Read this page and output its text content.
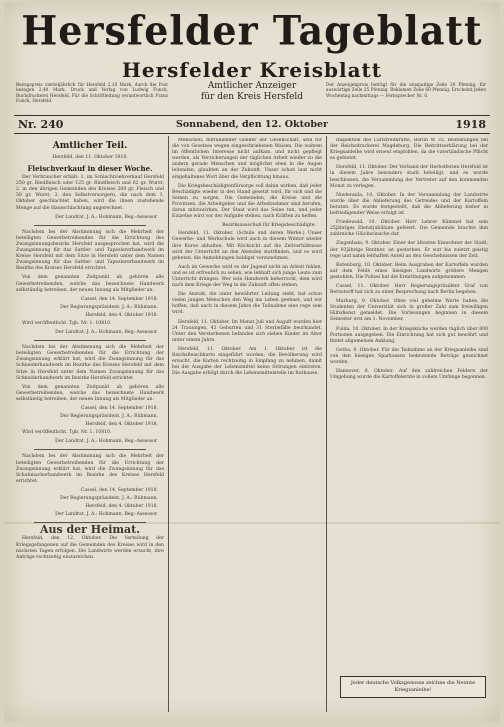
Hersfelder Tageblatt
Hersfelder Kreisblatt
Bezugspreis vierteljährlich für Hersfeld 2,10 Mark, durch die Post bezogen 2,40 Mark. Druck und Verlag von Ludwig Funck, Buchdruckerei Hersfeld. Für die Schriftleitung verantwortlich Franz Funck, Hersfeld.
Amtlicher Anzeiger
für den Kreis Hersfeld
Der Anzeigenpreis beträgt für die einspaltige Zeile 20 Pfennig, für auswärtige Zeile 25 Pfennig. Reklamen Zeile 60 Pfennig. Erscheint jeden Wochentag nachmittags — Fernsprecher Nr. 6.
Nr. 240	Sonnabend, den 12. Oktober	1918
Amtlicher Teil.
Hersfeld, den 11. Oktober 1918.
Fleischverkauf in dieser Woche.

Der Verbraucher erhält: 1. im Schlachtviehverkauf Hersfeld 250 gr. Rindfleisch oder 125 gr. Rindfleisch und 62 gr. Wurst; 2. in den übrigen Gemeinden des Kreises 200 gr. Fleisch und 50 gr. Wurst; 3. den Selbstversorgern, die nach dem 1. Oktober geschlachtet haben, wird die ihnen zustehende Menge auf die Hausschlachtung angerechnet.

Der Landrat. J. A.: Hohmann, Reg.-Assessor.

Nachdem bei der Abstimmung sich die Mehrheit der beteiligten Gewerbetreibenden für die Errichtung des Zwangsinnungsbezirks Hersfeld ausgesprochen hat, wird die Zwangsinnung für das Sattler- und Tapeziererhandwerk im Kreise Hersfeld mit dem Sitze in Hersfeld unter dem Namen Zwangsinnung für das Sattler- und Tapeziererhandwerk im Bezirke des Kreises Hersfeld errichtet.

Von dem genannten Zeitpunkt ab gehören alle Gewerbetreibenden, welche das bezeichnete Handwerk selbständig betreiben, der neuen Innung als Mitglieder an.

Cassel, den 14. September 1918.
Der Regierungspräsident. J. A.: Rühmann.
Hersfeld, den 4. Oktober 1918.

Wird veröffentlicht. Tgb. Nr. 1. 10810.

Der Landrat. J. A.: Hohmann, Reg.-Assessor.

Nachdem bei der Abstimmung sich die Mehrheit der beteiligten Gewerbetreibenden für die Errichtung der Zwangsinnung erklärt hat, wird die Zwangsinnung für das Schneiderhandwerk im Bezirke des Kreises Hersfeld mit dem Sitze in Hersfeld unter dem Namen Zwangsinnung für das Schneiderhandwerk im Bezirke Hersfeld errichtet.

Von dem genannten Zeitpunkt ab gehören alle Gewerbetreibenden, welche das bezeichnete Handwerk selbständig betreiben, der neuen Innung als Mitglieder an.

Cassel, den 14. September 1918.
Der Regierungspräsident. J. A.: Rühmann.
Hersfeld, den 4. Oktober 1918.

Wird veröffentlicht. Tgb. Nr. 1. 10810.

Der Landrat. J. A.: Hohmann, Reg.-Assessor.

Nachdem bei der Abstimmung sich die Mehrheit der beteiligten Gewerbetreibenden für die Errichtung der Zwangsinnung erklärt hat, wird die Zwangsinnung für das Schuhmacherhandwerk im Bezirke des Kreises Hersfeld errichtet.

Cassel, den 14. September 1918.
Der Regierungspräsident. J. A.: Rühmann.
Hersfeld, den 4. Oktober 1918.
Der Landrat. J. A.: Hohmann, Reg.-Assessor.
Aus der Heimat.

Hersfeld, den 12. Oktober. Die Verteilung der Kriegsgefangenen auf die Gemeinden des Kreises wird in den nächsten Tagen erfolgen. Die Landwirte werden ersucht, ihre Anträge rechtzeitig einzureichen.

Menschen, mitfühlender Glieder der Gesellschaft, sein für die von Gesetzes wegen eingeschriebenen Waisen. Die wahren im öffentlichen Interesse nicht aufkam, und nicht gepflegt werden, als Versicherungen der täglichen Arbeit wieder zu die andern gerade Menschen und möglichst eben in die Augen leitenden, glaubten an der Zukunft. Unser schon laut nicht eingehaltenes Wort über die Verpflichtung hinaus.

Die Kriegsbeschädigtenfürsorge soll dahin wirken, daß jeder Beschädigte wieder in den Stand gesetzt wird, für sich und die Seinen zu sorgen. Die Gemeinden, die Kreise und die Provinzen, die Arbeitgeber und die Arbeitnehmer sind berufen, daran mitzuwirken. Der Staat wird das Seine tun, und jeder Einzelne wird vor der Aufgabe stehen, nach Kräften zu helfen.

Bezirksausschuß für Kriegsbeschädigte.

Hersfeld, 11. Oktober. (Schule und deren Werke.) Unser Gewerbe- und Werkschule wird auch in diesem Winter wieder ihre Kurse abhalten. Mit Rücksicht auf die Zeitverhältnisse wird der Unterricht an den Abenden stattfinden, und es wird gebeten, die Anmeldungen baldigst vorzunehmen.

Auch im Gewerbe wird es der Jugend nicht an Arbeit fehlen, und es ist erfreulich zu sehen, wie lebhaft sich junge Leute zum Unterricht drängen. Wer sein Handwerk beherrscht, dem wird nach dem Kriege der Weg in die Zukunft offen stehen.

Die Anstalt, die unter bewährter Leitung steht, hat schon vielen jungen Menschen den Weg ins Leben geebnet, und wir hoffen, daß auch in diesem Jahre die Teilnahme eine rege sein wird.

Hersfeld, 11. Oktober. Im Monat Juli und Auguft wurden hier 24 Trauungen, 42 Geburten und 31 Sterbefälle beurkundet. Unter den Verstorbenen befanden sich sieben Kinder im Alter unter einem Jahre.

Hersfeld, 11. Oktober. Am 1. Oktober ist die Reichsfleischkarte eingeführt worden; die Bevölkerung wird ersucht, die Karten rechtzeitig in Empfang zu nehmen, damit bei der Ausgabe der Lebensmittel keine Störungen eintreten. Die Ausgabe erfolgt durch die Lebensmittelstelle im Rathause.

Inspektion des Luftstreitkräfte, Berlin W 35, Bestellungen bei der Reichsdruckerei Magdeburg. Die Beitrittserklärung bei der Kriegsanleihe wird erneut empfohlen, da die vaterländische Pflicht es gebietet.

Hersfeld, 11. Oktober. Der Verband der Herbstferien Hersfeld ist in diesem Jahre besonders stark beteiligt, und es wurde beschlossen, die Versammlung der Vertreter auf den kommenden Monat zu verlegen.

Niederaula, 10. Oktober. In der Versammlung der Landwirte wurde über die Ablieferung des Getreides und der Kartoffeln beraten. Es wurde festgestellt, daß die Ablieferung bisher in befriedigender Weise erfolgt ist.

Friedewald, 10. Oktober. Herr Lehrer Kümmel hat sein 25jähriges Dienstjubiläum gefeiert. Die Gemeinde brachte ihm zahlreiche Glückwünsche dar.

Ziegenhain, 9. Oktober. Einer der ältesten Einwohner der Stadt, der 93jährige Rentner, ist gestorben. Er war bis zuletzt geistig rege und nahm lebhaften Anteil an den Geschehnissen der Zeit.

Rotenburg, 10. Oktober. Beim Ausgraben der Kartoffeln wurden auf dem Felde eines hiesigen Landwirts größere Mengen gestohlen. Die Polizei hat die Ermittlungen aufgenommen.

Cassel, 11. Oktober. Herr Regierungspräsident Graf von Bernstorff hat sich zu einer Besprechung nach Berlin begeben.

Marburg, 9. Oktober. Ohne viel geheime Worte haben die Studenten der Universität sich in großer Zahl zum freiwilligen Hilfsdienst gemeldet. Die Vorlesungen beginnen in diesem Semester erst am 1. November.

Fulda, 10. Oktober. In der Kriegsküche werden täglich über 800 Portionen ausgegeben. Die Einrichtung hat sich gut bewährt und findet allgemeinen Anklang.

Gotha, 9. Oktober. Für die Teilnahme an der Kriegsanleihe sind von den hiesigen Sparkassen bedeutende Beträge gezeichnet worden.

Hannover, 8. Oktober. Auf den zahlreichen Feldern der Umgebung wurde die Kartoffelernte in vollem Umfange begonnen.

Jeder deutsche Volksgenosse zeichne die Neunte Kriegsanleihe!
